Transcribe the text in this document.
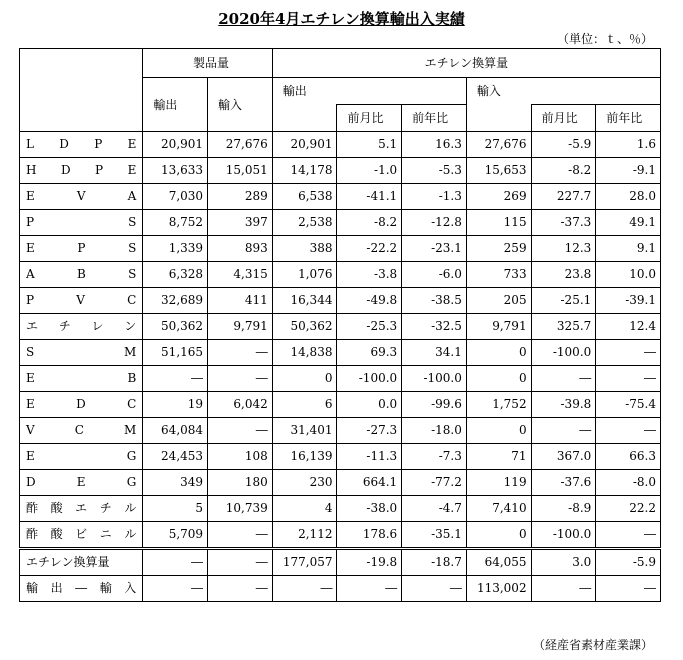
2020年4月エチレン換算輸出入実績
（単位：ｔ、％）
	製品量		エチレン換算量					
	輸出	輸入	輸出			輸入		
				前月比	前年比		前月比	前年比

L D P E	20,901	27,676	20,901	5.1	16.3	27,676	-5.9	1.6

H D P E	13,633	15,051	14,178	-1.0	-5.3	15,653	-8.2	-9.1

E V A	7,030	289	6,538	-41.1	-1.3	269	227.7	28.0

P S	8,752	397	2,538	-8.2	-12.8	115	-37.3	49.1

E P S	1,339	893	388	-22.2	-23.1	259	12.3	9.1

A B S	6,328	4,315	1,076	-3.8	-6.0	733	23.8	10.0

P V C	32,689	411	16,344	-49.8	-38.5	205	-25.1	-39.1

エ チ レ ン	50,362	9,791	50,362	-25.3	-32.5	9,791	325.7	12.4

S M	51,165	―	14,838	69.3	34.1	0	-100.0	―

E B	―	―	0	-100.0	-100.0	0	―	―

E D C	19	6,042	6	0.0	-99.6	1,752	-39.8	-75.4

V C M	64,084	―	31,401	-27.3	-18.0	0	―	―

E G	24,453	108	16,139	-11.3	-7.3	71	367.0	66.3

D E G	349	180	230	664.1	-77.2	119	-37.6	-8.0

酢 酸 エ チ ル	5	10,739	4	-38.0	-4.7	7,410	-8.9	22.2

酢 酸 ビ ニ ル	5,709	―	2,112	178.6	-35.1	0	-100.0	―

エチレン換算量	―	―	177,057	-19.8	-18.7	64,055	3.0	-5.9

輸 出 ― 輸 入	―	―	―	―	―	113,002	―	―
（経産省素材産業課）
